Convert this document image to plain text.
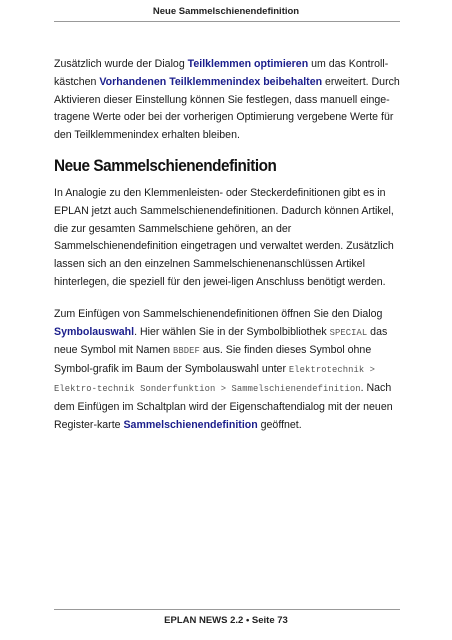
Neue Sammelschienendefinition

Zusätzlich wurde der Dialog Teilklemmen optimieren um das Kontroll-kästchen Vorhandenen Teilklemmenindex beibehalten erweitert. Durch Aktivieren dieser Einstellung können Sie festlegen, dass manuell einge-tragene Werte oder bei der vorherigen Optimierung vergebene Werte für den Teilklemmenindex erhalten bleiben.

Neue Sammelschienendefinition

In Analogie zu den Klemmenleisten- oder Steckerdefinitionen gibt es in EPLAN jetzt auch Sammelschienendefinitionen. Dadurch können Artikel, die zur gesamten Sammelschiene gehören, an der Sammelschienendefinition eingetragen und verwaltet werden. Zusätzlich lassen sich an den einzelnen Sammelschienenanschlüssen Artikel hinterlegen, die speziell für den jewei-ligen Anschluss benötigt werden.

Zum Einfügen von Sammelschienendefinitionen öffnen Sie den Dialog Symbolauswahl. Hier wählen Sie in der Symbolbibliothek SPECIAL das neue Symbol mit Namen BBDEF aus. Sie finden dieses Symbol ohne Symbol-grafik im Baum der Symbolauswahl unter Elektrotechnik > Elektro-technik Sonderfunktion > Sammelschienendefinition. Nach dem Einfügen im Schaltplan wird der Eigenschaftendialog mit der neuen Register-karte Sammelschienendefinition geöffnet.

EPLAN NEWS 2.2 • Seite 73
